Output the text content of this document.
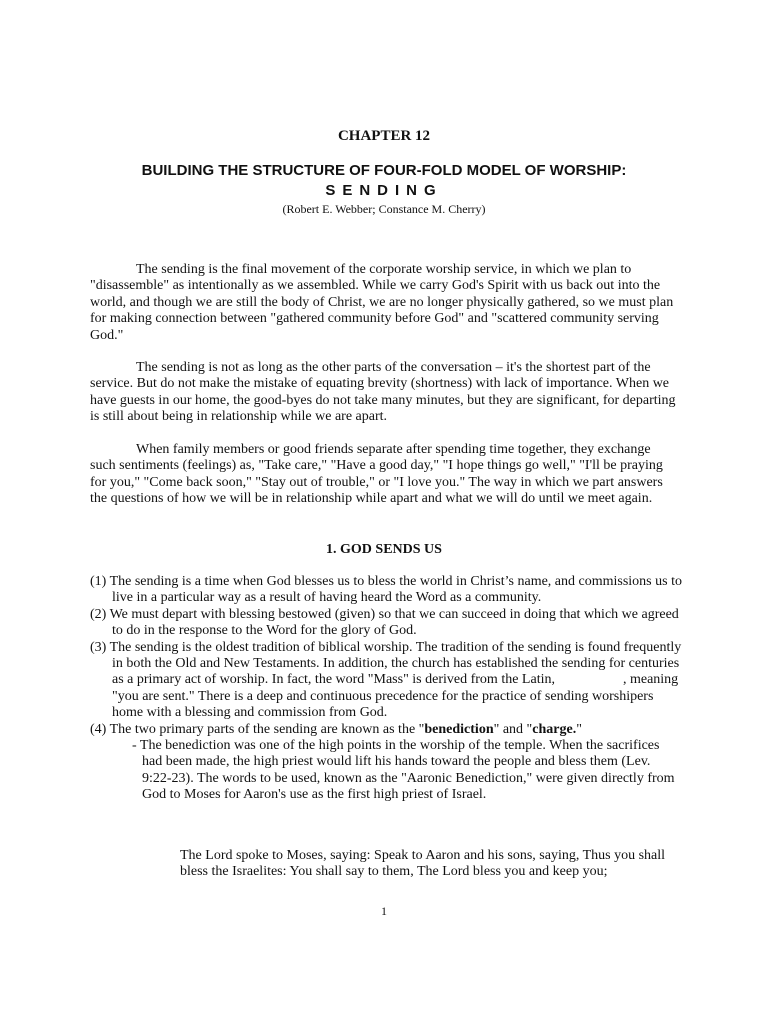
CHAPTER 12
BUILDING THE STRUCTURE OF FOUR-FOLD MODEL OF WORSHIP:
SENDING
(Robert E. Webber; Constance M. Cherry)

The sending is the final movement of the corporate worship service, in which we plan to "disassemble" as intentionally as we assembled. While we carry God's Spirit with us back out into the world, and though we are still the body of Christ, we are no longer physically gathered, so we must plan for making connection between "gathered community before God" and "scattered community serving God."

The sending is not as long as the other parts of the conversation – it's the shortest part of the service. But do not make the mistake of equating brevity (shortness) with lack of importance. When we have guests in our home, the good-byes do not take many minutes, but they are significant, for departing is still about being in relationship while we are apart.

When family members or good friends separate after spending time together, they exchange such sentiments (feelings) as, "Take care," "Have a good day," "I hope things go well," "I'll be praying for you," "Come back soon," "Stay out of trouble," or "I love you." The way in which we part answers the questions of how we will be in relationship while apart and what we will do until we meet again.

1. GOD SENDS US

(1) The sending is a time when God blesses us to bless the world in Christ’s name, and commissions us to live in a particular way as a result of having heard the Word as a community.

(2) We must depart with blessing bestowed (given) so that we can succeed in doing that which we agreed to do in the response to the Word for the glory of God.

(3) The sending is the oldest tradition of biblical worship. The tradition of the sending is found frequently in both the Old and New Testaments. In addition, the church has established the sending for centuries as a primary act of worship. In fact, the word "Mass" is derived from the Latin,	, meaning "you are sent." There is a deep and continuous precedence for the practice of sending worshipers home with a blessing and commission from God.

(4) The two primary parts of the sending are known as the "benediction" and "charge."

- The benediction was one of the high points in the worship of the temple. When the sacrifices had been made, the high priest would lift his hands toward the people and bless them (Lev. 9:22-23). The words to be used, known as the "Aaronic Benediction," were given directly from God to Moses for Aaron's use as the first high priest of Israel.

The Lord spoke to Moses, saying: Speak to Aaron and his sons, saying, Thus you shall bless the Israelites: You shall say to them, The Lord bless you and keep you;

1
